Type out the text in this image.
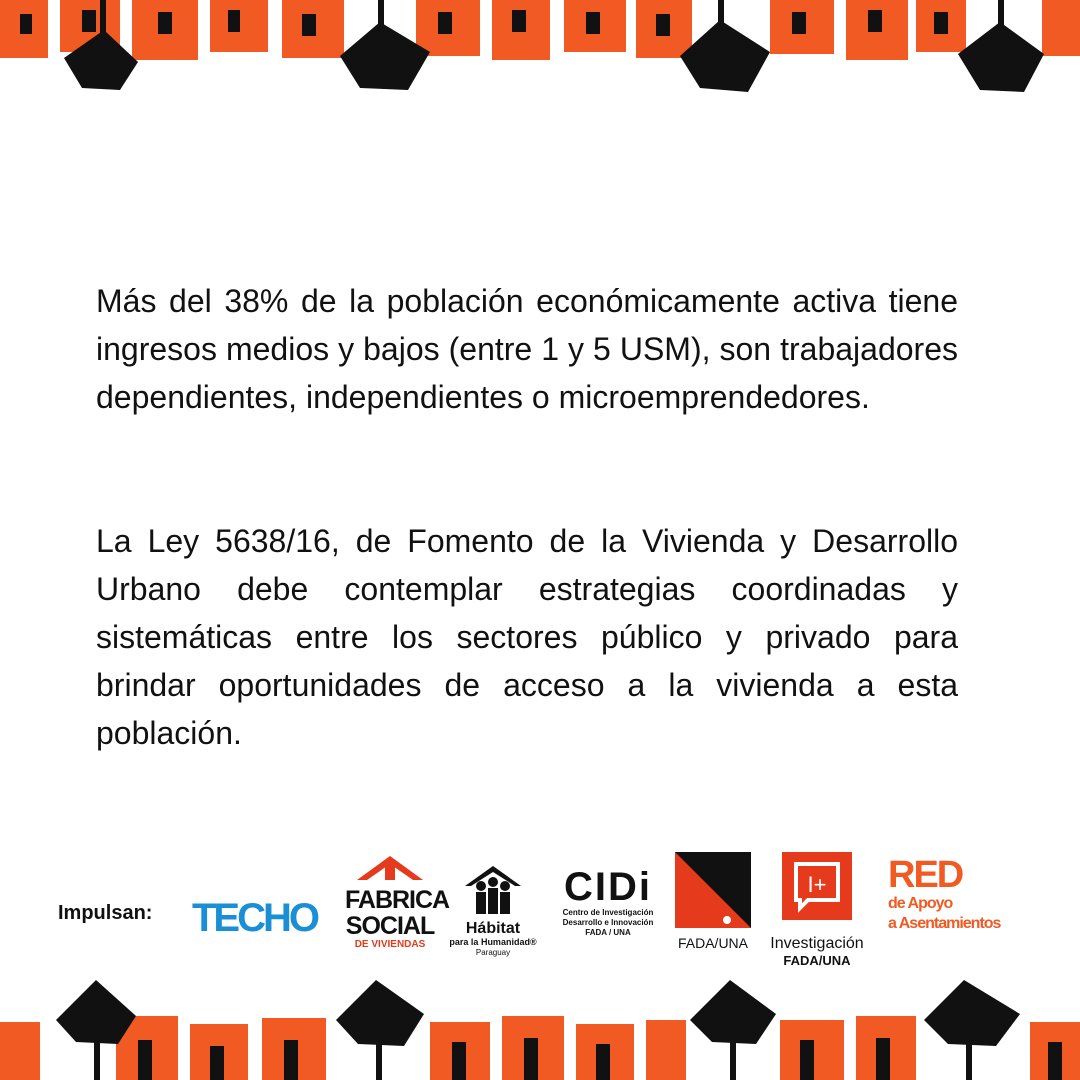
Más del 38% de la población económicamente activa tiene ingresos medios y bajos (entre 1 y 5 USM), son trabajadores dependientes, independientes o microemprendedores.

La Ley 5638/16, de Fomento de la Vivienda y Desarrollo Urbano debe contemplar estrategias coordinadas y sistemáticas entre los sectores público y privado para brindar oportunidades de acceso a la vivienda a esta población.

Impulsan: TECHO FABRICA
SOCIAL
DE VIVIENDAS
Hábitat
para la Humanidad®
Paraguay
CIDi
Centro de Investigación
Desarrollo e Innovación
FADA / UNA
FADA/UNA
I+
Investigación
FADA/UNA
RED
de Apoyo
a Asentamientos
